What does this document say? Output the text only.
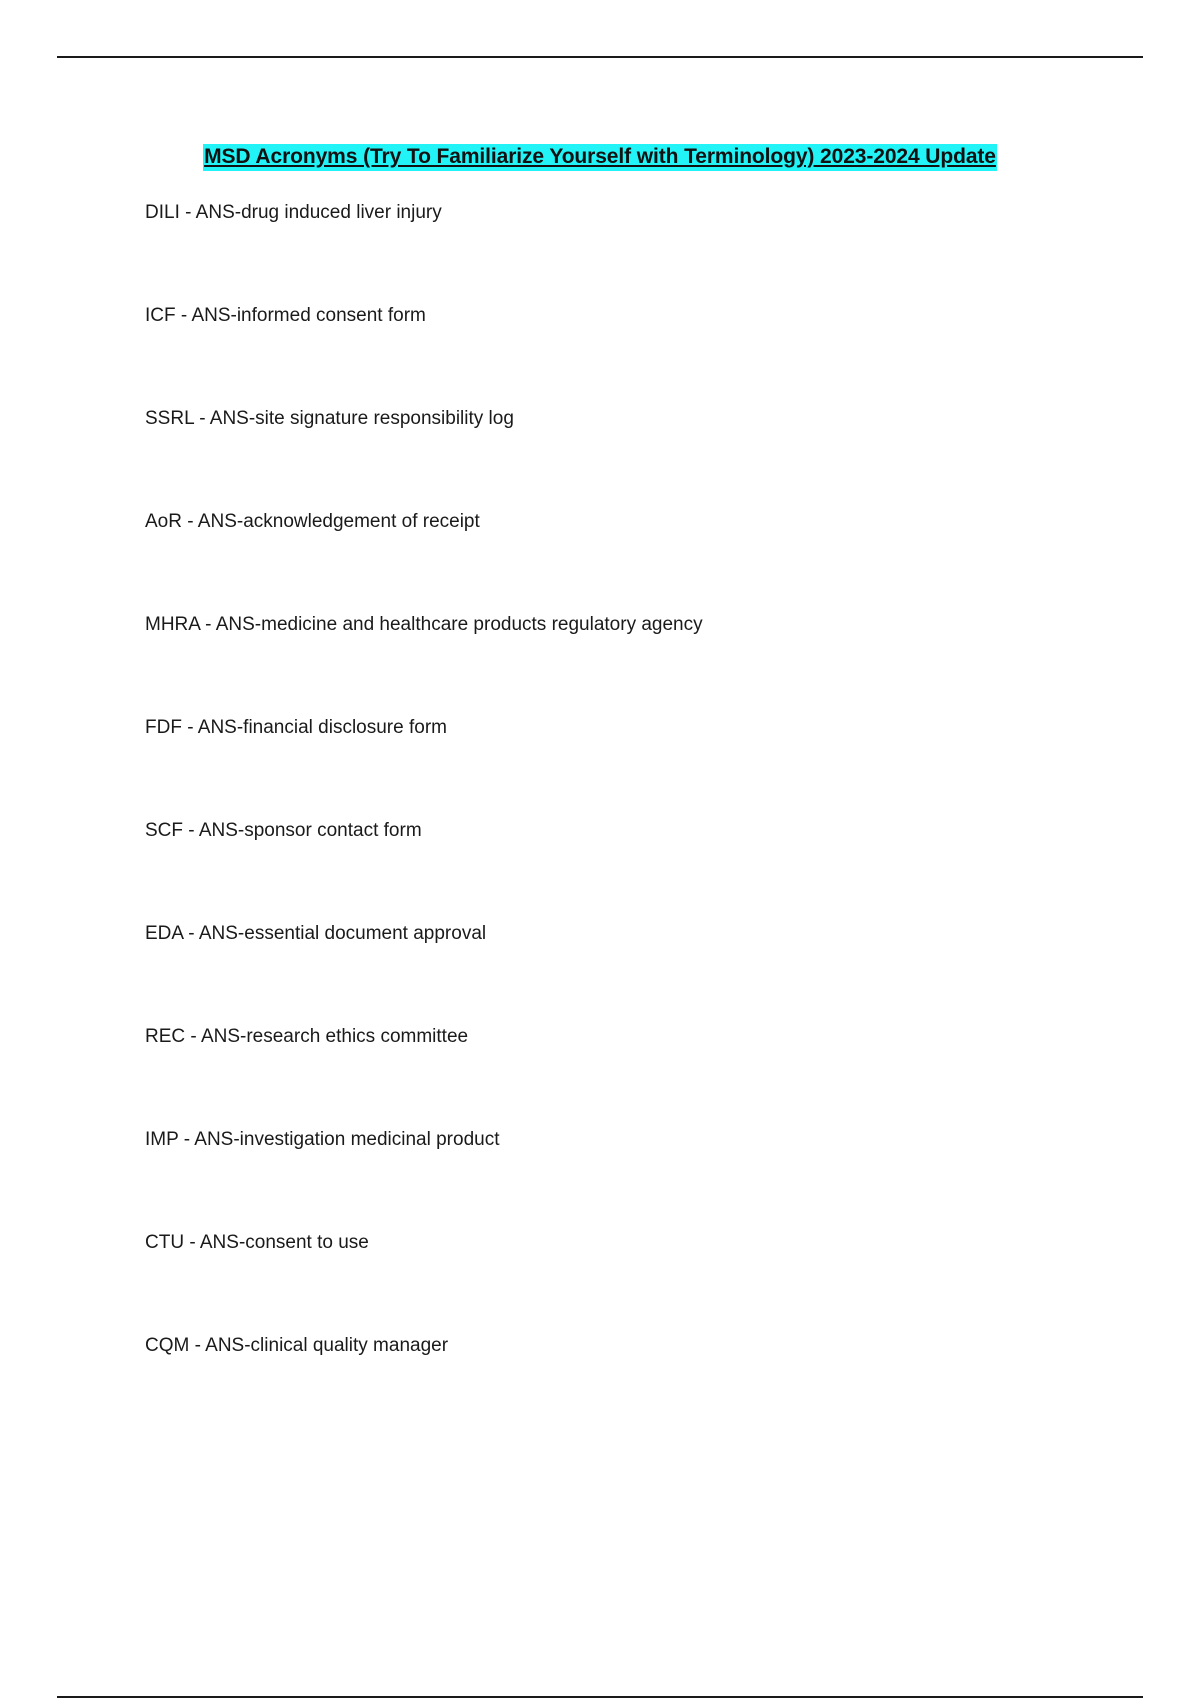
MSD Acronyms (Try To Familiarize Yourself with Terminology) 2023-2024 Update
DILI - ANS-drug induced liver injury
ICF - ANS-informed consent form
SSRL - ANS-site signature responsibility log
AoR - ANS-acknowledgement of receipt
MHRA - ANS-medicine and healthcare products regulatory agency
FDF - ANS-financial disclosure form
SCF - ANS-sponsor contact form
EDA - ANS-essential document approval
REC - ANS-research ethics committee
IMP - ANS-investigation medicinal product
CTU - ANS-consent to use
CQM - ANS-clinical quality manager
